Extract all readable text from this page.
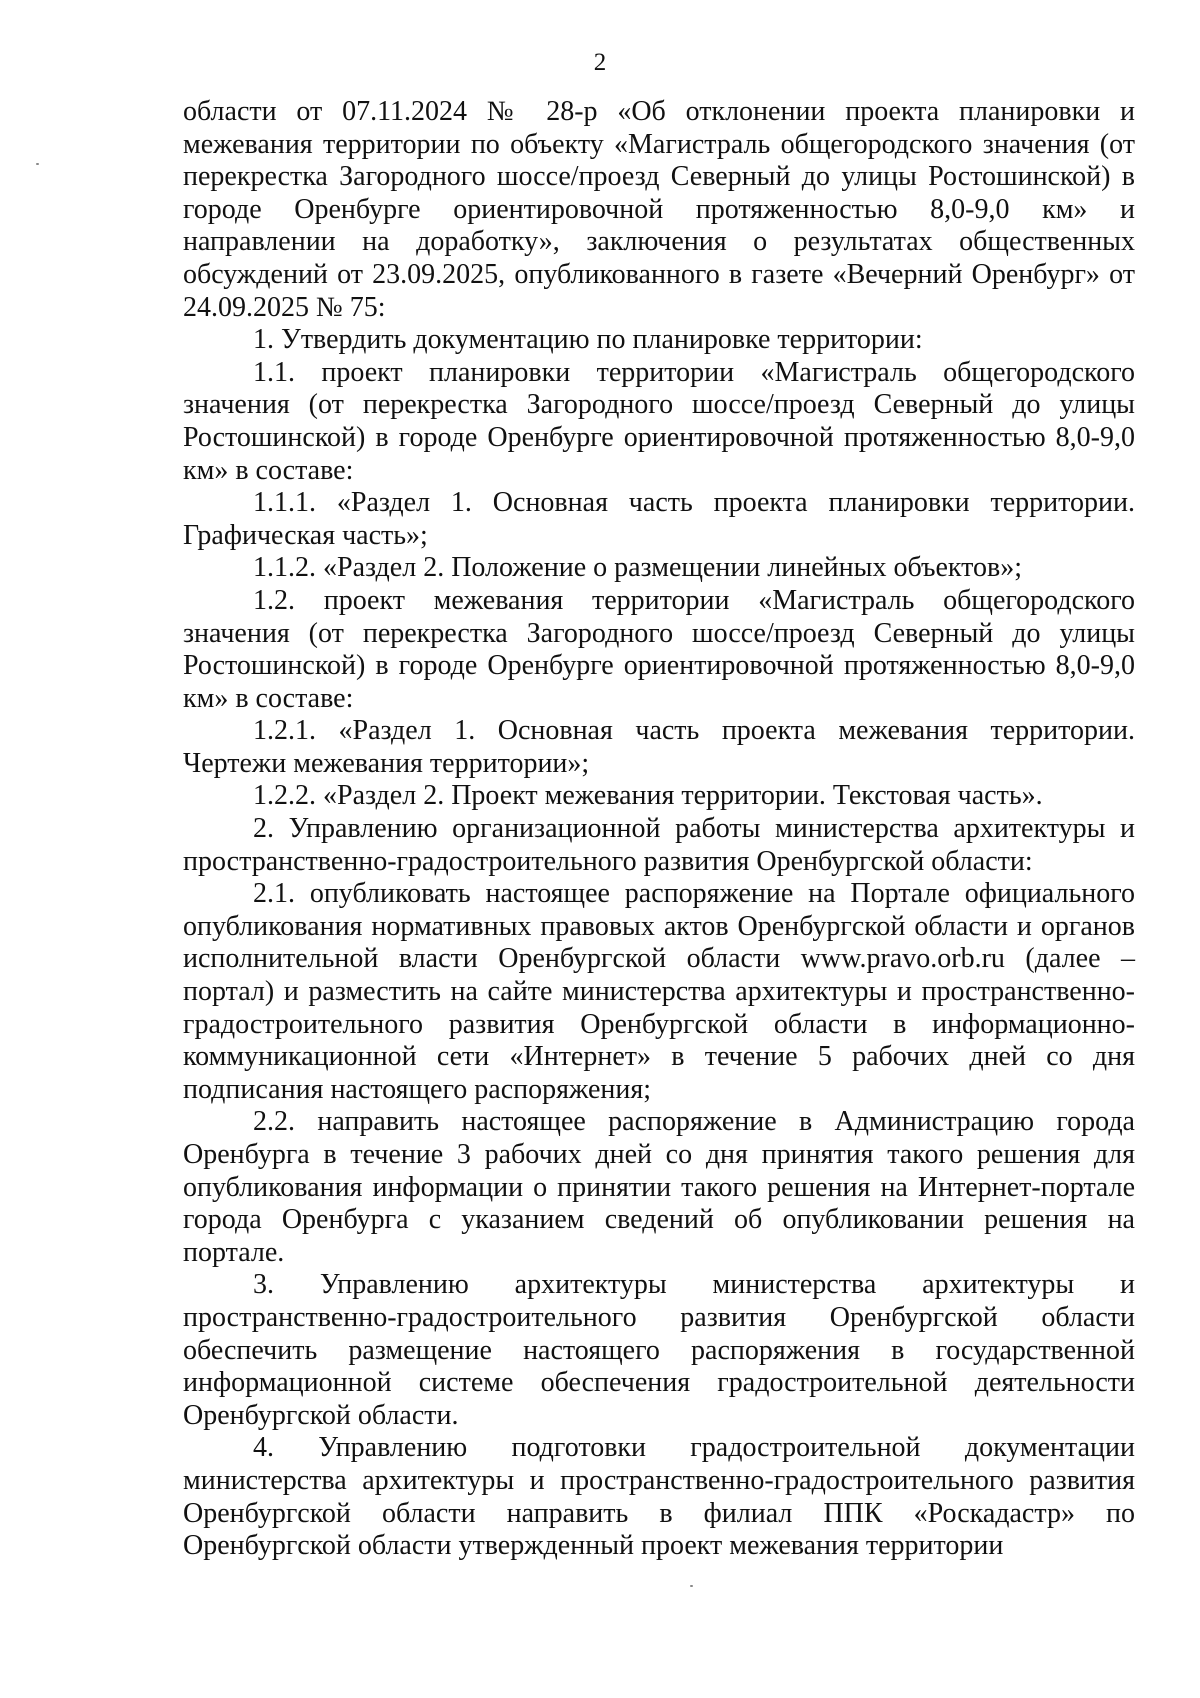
2

области от 07.11.2024 № 28-р «Об отклонении проекта планировки и межевания территории по объекту «Магистраль общегородского значения (от перекрестка Загородного шоссе/проезд Северный до улицы Ростошинской) в городе Оренбурге ориентировочной протяженностью 8,0-9,0 км» и направлении на доработку», заключения о результатах общественных обсуждений от 23.09.2025, опубликованного в газете «Вечерний Оренбург» от 24.09.2025 № 75:

1. Утвердить документацию по планировке территории:

1.1. проект планировки территории «Магистраль общегородского значения (от перекрестка Загородного шоссе/проезд Северный до улицы Ростошинской) в городе Оренбурге ориентировочной протяженностью 8,0-9,0 км» в составе:

1.1.1. «Раздел 1. Основная часть проекта планировки территории. Графическая часть»;

1.1.2. «Раздел 2. Положение о размещении линейных объектов»;

1.2. проект межевания территории «Магистраль общегородского значения (от перекрестка Загородного шоссе/проезд Северный до улицы Ростошинской) в городе Оренбурге ориентировочной протяженностью 8,0-9,0 км» в составе:

1.2.1. «Раздел 1. Основная часть проекта межевания территории. Чертежи межевания территории»;

1.2.2. «Раздел 2. Проект межевания территории. Текстовая часть».

2. Управлению организационной работы министерства архитектуры и пространственно-градостроительного развития Оренбургской области:

2.1. опубликовать настоящее распоряжение на Портале официального опубликования нормативных правовых актов Оренбургской области и органов исполнительной власти Оренбургской области www.pravo.orb.ru (далее – портал) и разместить на сайте министерства архитектуры и пространственно-градостроительного развития Оренбургской области в информационно-коммуникационной сети «Интернет» в течение 5 рабочих дней со дня подписания настоящего распоряжения;

2.2. направить настоящее распоряжение в Администрацию города Оренбурга в течение 3 рабочих дней со дня принятия такого решения для опубликования информации о принятии такого решения на Интернет-портале города Оренбурга с указанием сведений об опубликовании решения на портале.

3. Управлению архитектуры министерства архитектуры и пространственно-градостроительного развития Оренбургской области обеспечить размещение настоящего распоряжения в государственной информационной системе обеспечения градостроительной деятельности Оренбургской области.

4. Управлению подготовки градостроительной документации министерства архитектуры и пространственно-градостроительного развития Оренбургской области направить в филиал ППК «Роскадастр» по Оренбургской области утвержденный проект межевания территории
